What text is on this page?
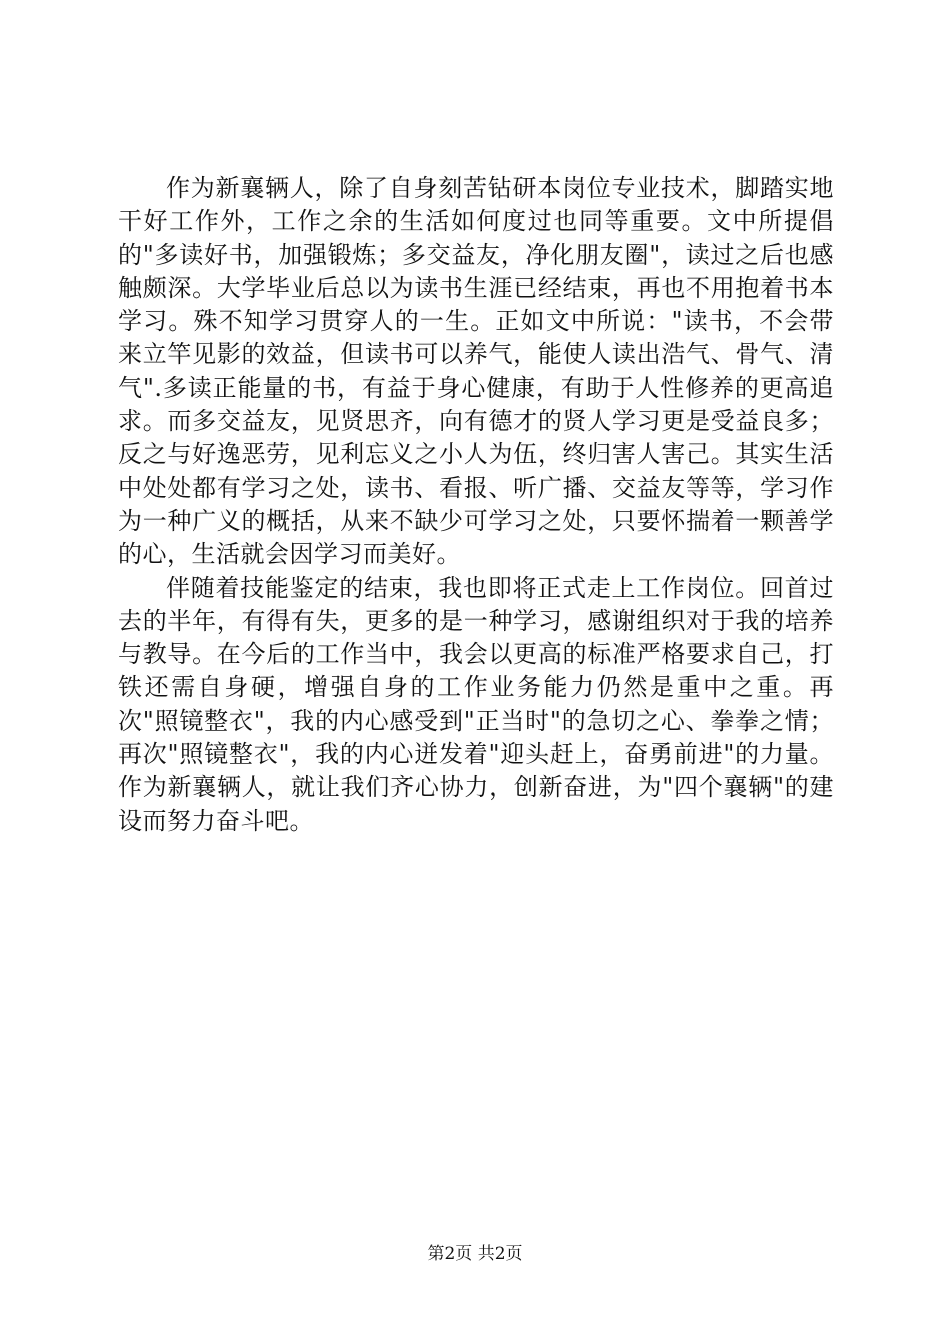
作为新襄辆人，除了自身刻苦钻研本岗位专业技术，脚踏实地干好工作外，工作之余的生活如何度过也同等重要。文中所提倡的"多读好书，加强锻炼；多交益友，净化朋友圈"，读过之后也感触颇深。大学毕业后总以为读书生涯已经结束，再也不用抱着书本学习。殊不知学习贯穿人的一生。正如文中所说："读书，不会带来立竿见影的效益，但读书可以养气，能使人读出浩气、骨气、清气".多读正能量的书，有益于身心健康，有助于人性修养的更高追求。而多交益友，见贤思齐，向有德才的贤人学习更是受益良多；反之与好逸恶劳，见利忘义之小人为伍，终归害人害己。其实生活中处处都有学习之处，读书、看报、听广播、交益友等等，学习作为一种广义的概括，从来不缺少可学习之处，只要怀揣着一颗善学的心，生活就会因学习而美好。

伴随着技能鉴定的结束，我也即将正式走上工作岗位。回首过去的半年，有得有失，更多的是一种学习，感谢组织对于我的培养与教导。在今后的工作当中，我会以更高的标准严格要求自己，打铁还需自身硬，增强自身的工作业务能力仍然是重中之重。再次"照镜整衣"，我的内心感受到"正当时"的急切之心、拳拳之情；再次"照镜整衣"，我的内心迸发着"迎头赶上，奋勇前进"的力量。作为新襄辆人，就让我们齐心协力，创新奋进，为"四个襄辆"的建设而努力奋斗吧。

第2页 共2页
